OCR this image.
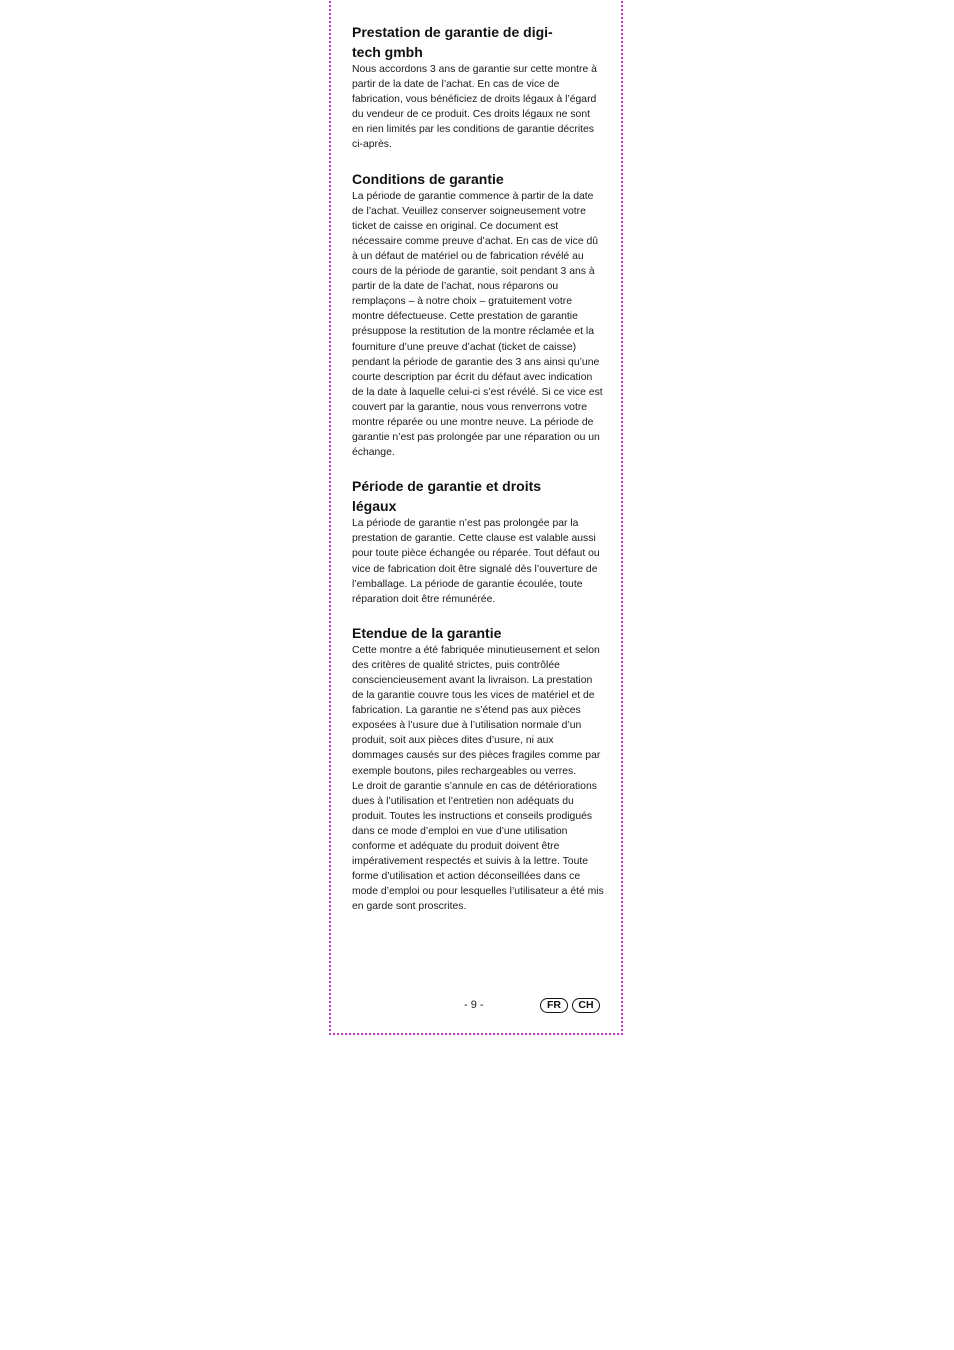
Prestation de garantie de digi-
tech gmbh

Nous accordons 3 ans de garantie sur cette montre à partir de la date de l’achat. En cas de vice de fabrication, vous bénéficiez de droits légaux à l’égard du vendeur de ce produit. Ces droits légaux ne sont en rien limités par les conditions de garantie décrites ci-après.

Conditions de garantie

La période de garantie commence à partir de la date de l’achat. Veuillez conserver soigneusement votre ticket de caisse en original. Ce document est nécessaire comme preuve d’achat. En cas de vice dû à un défaut de matériel ou de fabrication révélé au cours de la période de garantie, soit pendant 3 ans à partir de la date de l’achat, nous réparons ou remplaçons – à notre choix – gratuitement votre montre défectueuse. Cette prestation de garantie présuppose la restitution de la montre réclamée et la fourniture d’une preuve d’achat (ticket de caisse) pendant la période de garantie des 3 ans ainsi qu’une courte description par écrit du défaut avec indication de la date à laquelle celui-ci s’est révélé. Si ce vice est couvert par la garantie, nous vous renverrons votre montre réparée ou une montre neuve. La période de garantie n’est pas prolongée par une réparation ou un échange.

Période de garantie et droits
légaux

La période de garantie n’est pas prolongée par la prestation de garantie. Cette clause est valable aussi pour toute pièce échangée ou réparée. Tout défaut ou vice de fabrication doit être signalé dès l’ouverture de l’emballage. La période de garantie écoulée, toute réparation doit être rémunérée.

Etendue de la garantie

Cette montre a été fabriquée minutieusement et selon des critères de qualité strictes, puis contrôlée consciencieusement avant la livraison. La prestation de la garantie couvre tous les vices de matériel et de fabrication. La garantie ne s’étend pas aux pièces exposées à l’usure due à l’utilisation normale d’un produit, soit aux pièces dites d’usure, ni aux dommages causés sur des pièces fragiles comme par exemple boutons, piles rechargeables ou verres.

Le droit de garantie s’annule en cas de détériorations dues à l’utilisation et l’entretien non adéquats du produit. Toutes les instructions et conseils prodigués dans ce mode d’emploi en vue d’une utilisation conforme et adéquate du produit doivent être impérativement respectés et suivis à la lettre. Toute forme d’utilisation et action déconseillées dans ce mode d’emploi ou pour lesquelles l’utilisateur a été mis en garde sont proscrites.

- 9 -	FR	CH
